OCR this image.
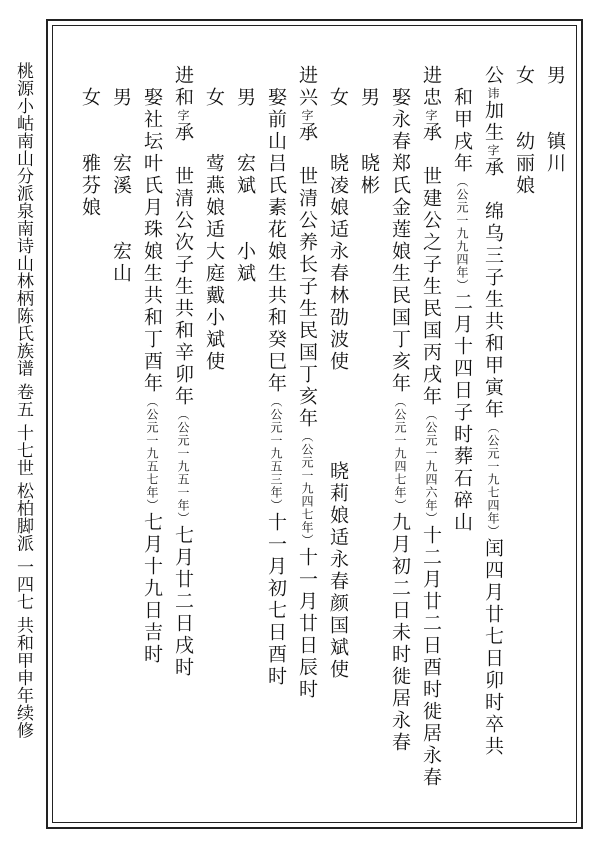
桃源小岵南山分派泉南诗山林柄陈氏族谱 卷五 十七世 松柏脚派 一四七 共和甲申年续修
男　　镇川
女　　幼丽娘
公讳加生字承　绵乌三子生共和甲寅年（公元一九七四年）闰四月廿七日卯时卒共
　和甲戌年（公元一九九四年）二月十四日子时葬石碎山
进忠字承　世建公之子生民国丙戌年（公元一九四六年）十二月廿二日酉时徙居永春
　娶永春郑氏金莲娘生民国丁亥年（公元一九四七年）九月初二日未时徙居永春
　男　　晓彬
　女　　晓凌娘适永春林劭波使　　　　晓莉娘适永春颜国斌使
进兴字承　世清公养长子生民国丁亥年（公元一九四七年）十一月廿日辰时
　娶前山吕氏素花娘生共和癸巳年（公元一九五三年）十一月初七日酉时
　男　　宏斌　　小斌
　女　　莺燕娘适大庭戴小斌使
进和字承　世清公次子生共和辛卯年（公元一九五一年）七月廿二日戌时
　娶社坛叶氏月珠娘生共和丁酉年（公元一九五七年）七月十九日吉时
　男　　宏溪　　宏山
　女　　雅芬娘
